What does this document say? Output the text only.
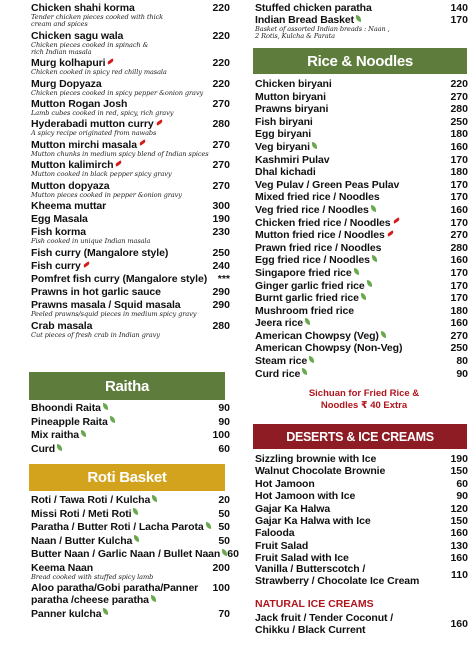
Chicken shahi korma	220
Tender chicken pieces cooked with thick
cream and spices
Chicken sagu wala	220
Chicken pieces cooked in spinach &
rich Indian masala
Murg kolhapuri	220
Chicken cooked in spicy red chilly masala
Murg Dopyaza	220
Chicken pieces cooked in spicy pepper &onion gravy
Mutton Rogan Josh	270
Lamb cubes cooked in red, spicy, rich gravy
Hyderabadi mutton curry	280
A spicy recipe originated from nawabs
Mutton mirchi masala	270
Mutton chunks in medium spicy blend of Indian spices
Mutton kalimirch	270
Mutton cooked in black pepper spicy gravy
Mutton dopyaza	270
Mutton pieces cooked in pepper &onion gravy
Kheema muttar	300
Egg Masala	190
Fish korma	230
Fish cooked in unique Indian masala
Fish curry (Mangalore style)	250
Fish curry	240
Pomfret fish curry (Mangalore style)	***
Prawns in hot garlic sauce	290
Prawns masala / Squid masala	290
Peeled prawns/squid pieces in medium spicy gravy
Crab masala	280
Cut pieces of fresh crab in Indian gravy
Raitha
Bhoondi Raita	90
Pineapple Raita	90
Mix raitha	100
Curd	60
Roti Basket
Roti / Tawa Roti / Kulcha	20
Missi Roti / Meti Roti	50
Paratha / Butter Roti / Lacha Parota	50
Naan / Butter Kulcha	50
Butter Naan / Garlic Naan / Bullet Naan 60
Keema Naan	200
Bread cooked with stuffed spicy lamb
Aloo paratha/Gobi paratha/Panner paratha /cheese paratha
100
Panner kulcha	70
Stuffed chicken paratha	140
Indian Bread Basket	170
Basket of assorted Indian breads : Naan ,
2 Rotis, Kulcha & Parata
Rice & Noodles
Chicken biryani	220
Mutton biryani	270
Prawns biryani	280
Fish biryani	250
Egg biryani	180
Veg biryani	160
Kashmiri Pulav	170
Dhal kichadi	180
Veg Pulav / Green Peas Pulav	170
Mixed fried rice / Noodles	170
Veg fried rice / Noodles	160
Chicken fried rice / Noodles	170
Mutton fried rice / Noodles	270
Prawn fried rice / Noodles	280
Egg fried rice / Noodles	160
Singapore fried rice	170
Ginger garlic fried rice	170
Burnt garlic fried rice	170
Mushroom fried rice	180
Jeera rice	160
American Chowpsy (Veg)	270
American Chowpsy (Non-Veg)	250
Steam rice	80
Curd rice	90
Sichuan for Fried Rice &
Noodles ₹ 40 Extra
DESERTS & ICE CREAMS
Sizzling brownie with Ice	190
Walnut Chocolate Brownie	150
Hot Jamoon	60
Hot Jamoon with Ice	90
Gajar Ka Halwa	120
Gajar Ka Halwa with Ice	150
Falooda	160
Fruit Salad	130
Fruit Salad with Ice	160
Vanilla / Butterscotch /
Strawberry / Chocolate Ice Cream	110
NATURAL ICE CREAMS
Jack fruit / Tender Coconut /
Chikku / Black Current	160
